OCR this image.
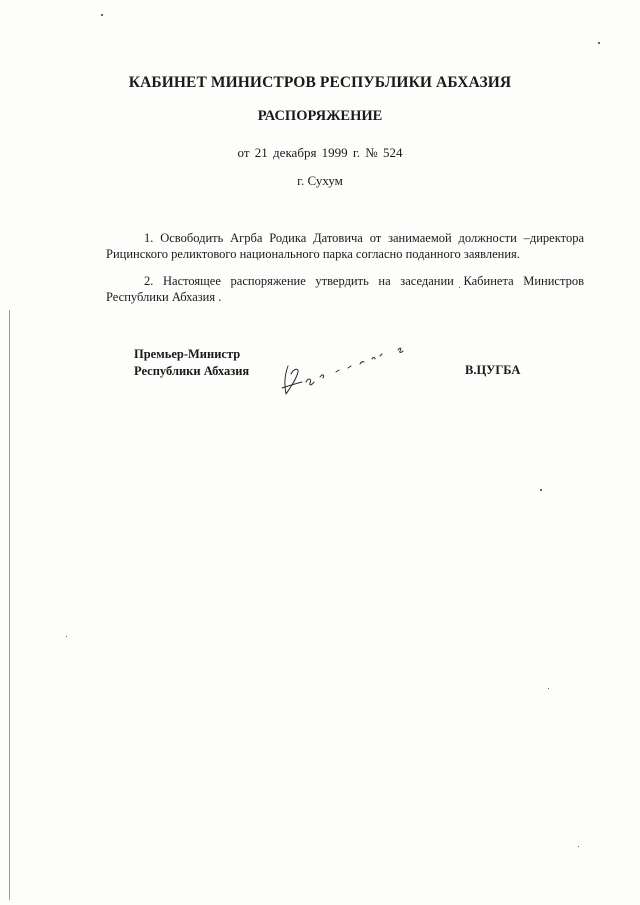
КАБИНЕТ МИНИСТРОВ РЕСПУБЛИКИ АБХАЗИЯ
РАСПОРЯЖЕНИЕ
от 21 декабря 1999 г. № 524
г. Сухум
1. Освободить Агрба Родика Датовича от занимаемой должности –директора
Рицинского реликтового национального парка согласно поданного заявления.
2. Настоящее распоряжение утвердить на заседании Кабинета Министров
Республики Абхазия .
Премьер-Министр
Республики Абхазия	В.ЦУГБА
